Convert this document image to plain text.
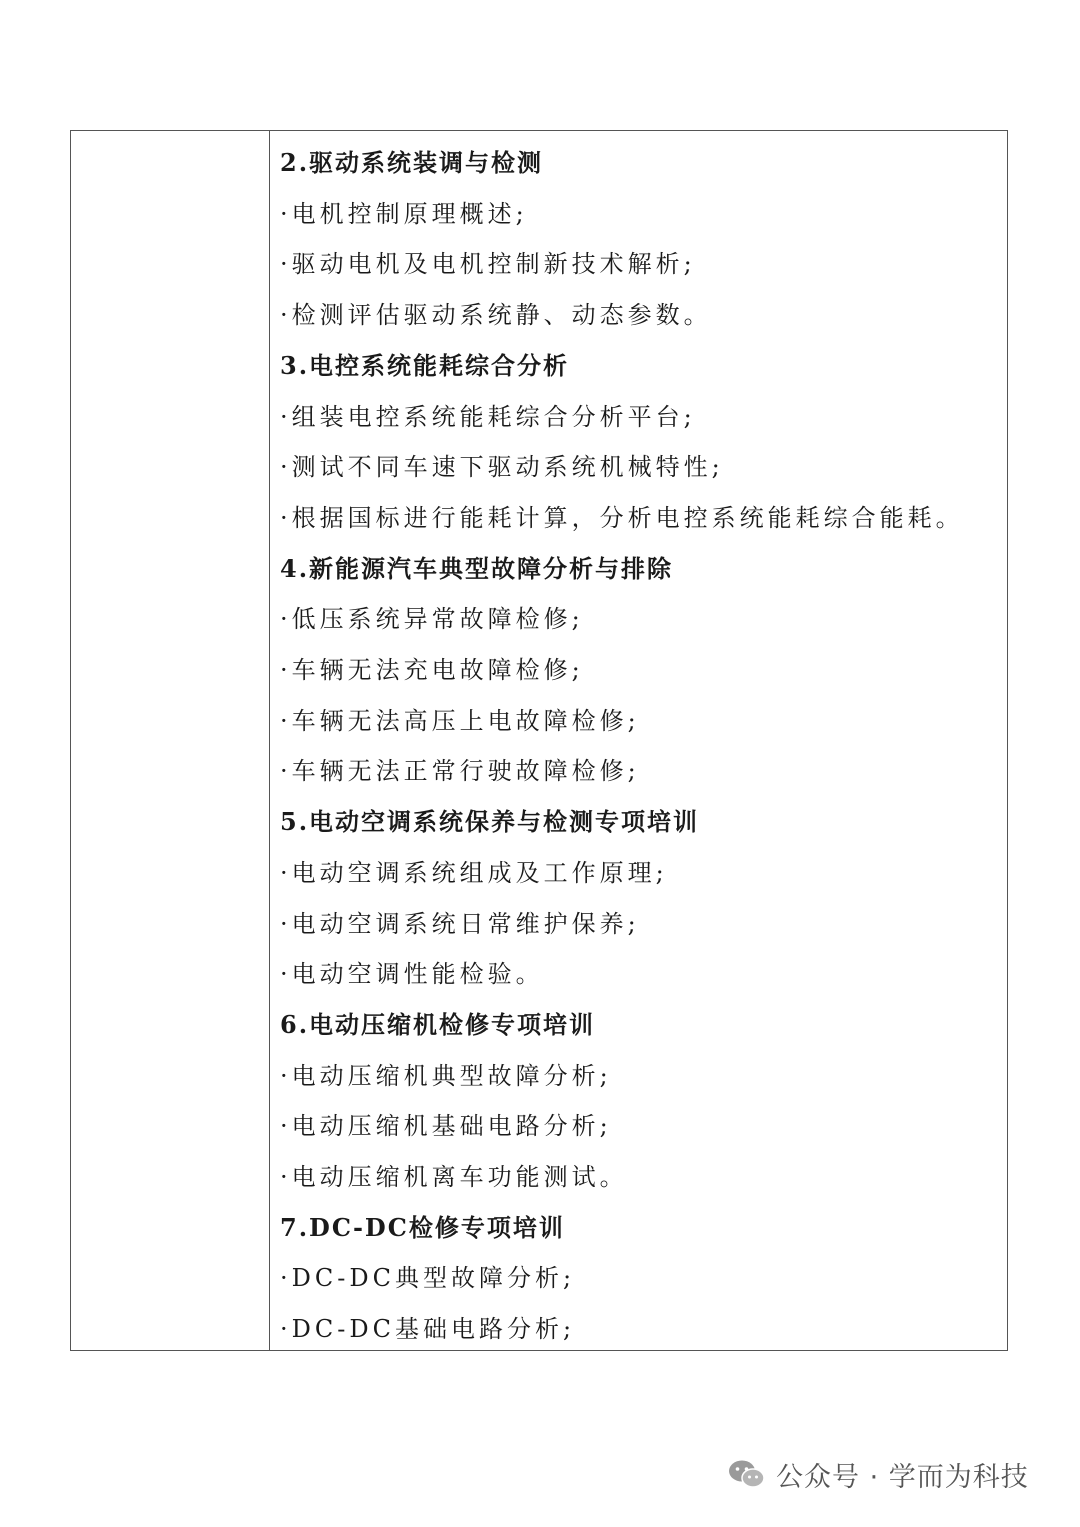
2.驱动系统装调与检测
·电机控制原理概述;
·驱动电机及电机控制新技术解析;
·检测评估驱动系统静、动态参数。
3.电控系统能耗综合分析
·组装电控系统能耗综合分析平台;
·测试不同车速下驱动系统机械特性;
·根据国标进行能耗计算，分析电控系统能耗综合能耗。
4.新能源汽车典型故障分析与排除
·低压系统异常故障检修;
·车辆无法充电故障检修;
·车辆无法高压上电故障检修;
·车辆无法正常行驶故障检修;
5.电动空调系统保养与检测专项培训
·电动空调系统组成及工作原理;
·电动空调系统日常维护保养;
·电动空调性能检验。
6.电动压缩机检修专项培训
·电动压缩机典型故障分析;
·电动压缩机基础电路分析;
·电动压缩机离车功能测试。
7.DC-DC检修专项培训
·DC-DC典型故障分析;
·DC-DC基础电路分析;
公众号 · 学而为科技
